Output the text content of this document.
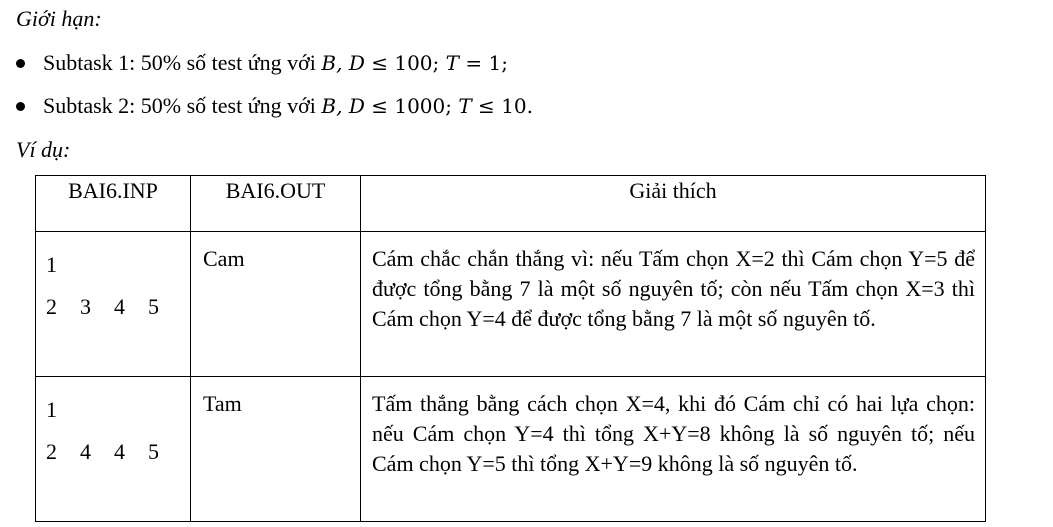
Giới hạn:
Subtask 1: 50% số test ứng với B, D ≤ 100; T = 1;
Subtask 2: 50% số test ứng với B, D ≤ 1000; T ≤ 10.
Ví dụ:
BAI6.INP	BAI6.OUT	Giải thích

1
2  3  4  5	Cam	Cám chắc chắn thắng vì: nếu Tấm chọn X=2 thì Cám chọn Y=5 để được tổng bằng 7 là một số nguyên tố; còn nếu Tấm chọn X=3 thì Cám chọn Y=4 để được tổng bằng 7 là một số nguyên tố.

1
2  4  4  5	Tam	Tấm thắng bằng cách chọn X=4, khi đó Cám chỉ có hai lựa chọn: nếu Cám chọn Y=4 thì tổng X+Y=8 không là số nguyên tố; nếu Cám chọn Y=5 thì tổng X+Y=9 không là số nguyên tố.
